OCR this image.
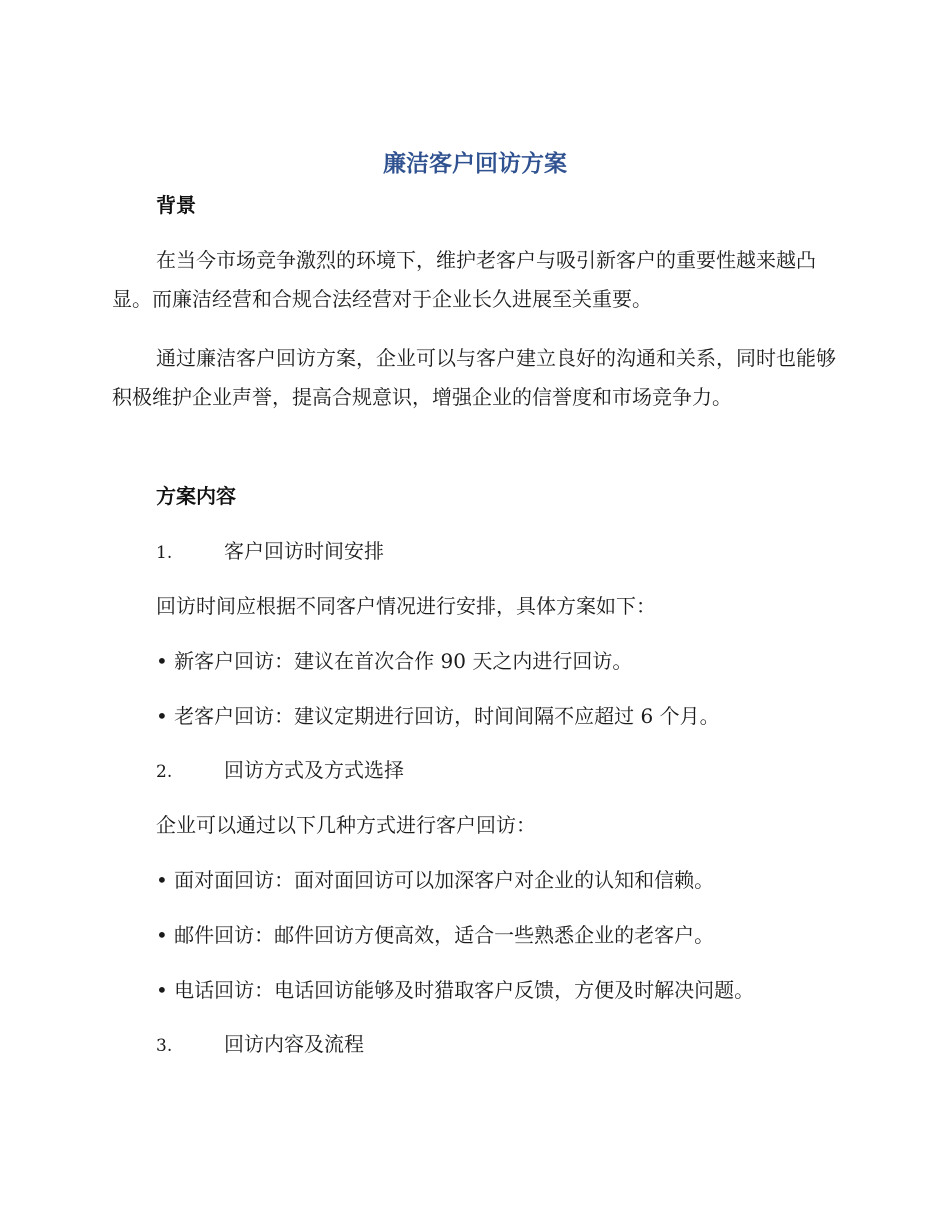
廉洁客户回访方案
背景

在当今市场竞争激烈的环境下，维护老客户与吸引新客户的重要性越来越凸显。而廉洁经营和合规合法经营对于企业长久进展至关重要。

通过廉洁客户回访方案，企业可以与客户建立良好的沟通和关系，同时也能够积极维护企业声誉，提高合规意识，增强企业的信誉度和市场竞争力。

方案内容
1.	客户回访时间安排

回访时间应根据不同客户情况进行安排，具体方案如下：

• 新客户回访：建议在首次合作 90 天之内进行回访。

• 老客户回访：建议定期进行回访，时间间隔不应超过 6 个月。

2.	回访方式及方式选择

企业可以通过以下几种方式进行客户回访：

• 面对面回访：面对面回访可以加深客户对企业的认知和信赖。

• 邮件回访：邮件回访方便高效，适合一些熟悉企业的老客户。

• 电话回访：电话回访能够及时猎取客户反馈，方便及时解决问题。

3.	回访内容及流程
